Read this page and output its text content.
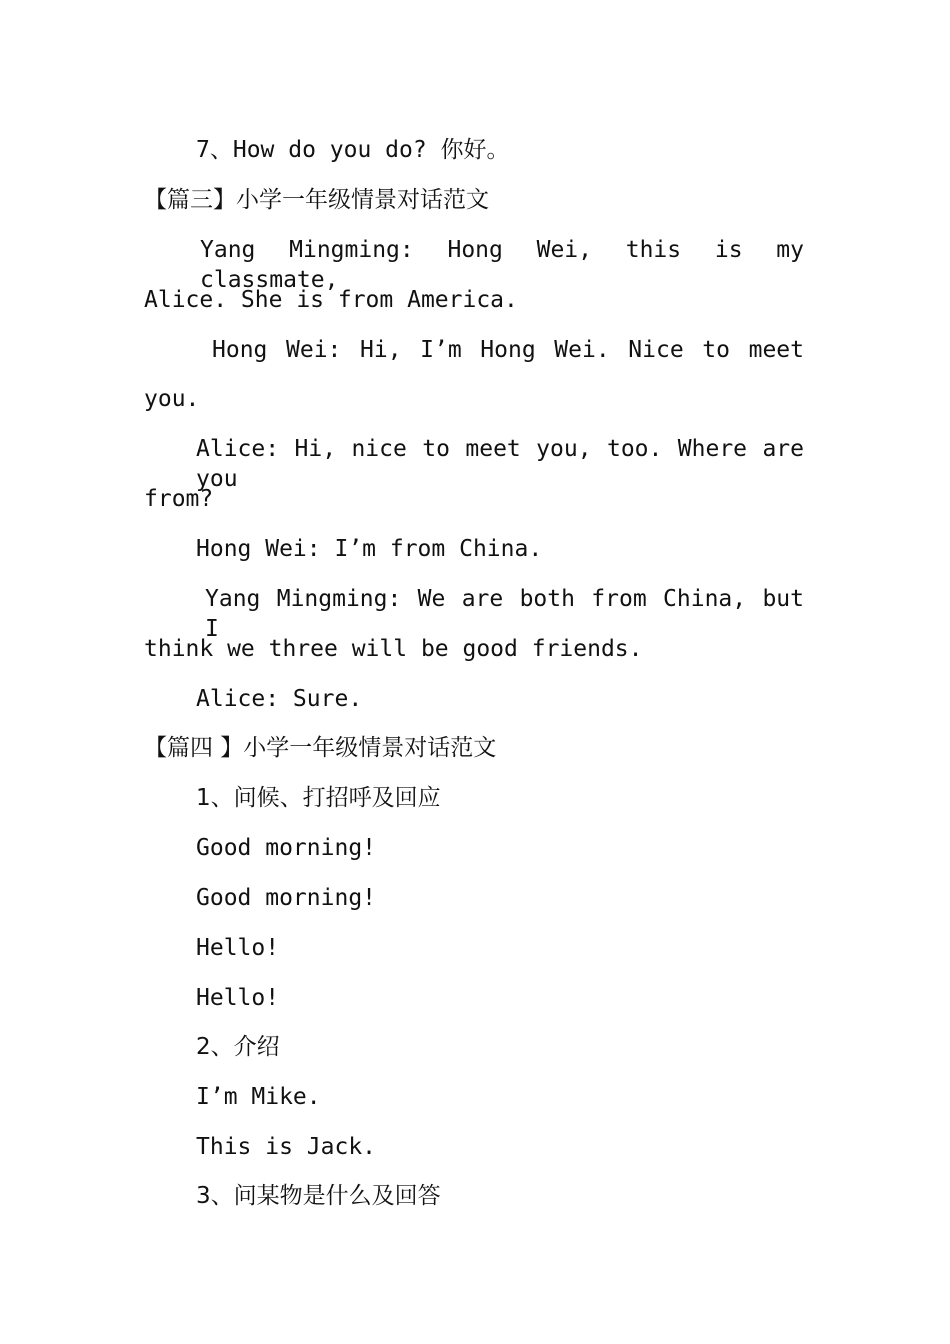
7、How do you do? 你好。
【篇三】小学一年级情景对话范文
Yang Mingming: Hong Wei, this is my classmate,
Alice. She is from America.
Hong Wei: Hi, I’m Hong Wei. Nice to meet
you.
Alice: Hi, nice to meet you, too. Where are you
from?
Hong Wei: I’m from China.
Yang Mingming: We are both from China, but I
think we three will be good friends.
Alice: Sure.
【篇四 】小学一年级情景对话范文
1、问候、打招呼及回应
Good morning!
Good morning!
Hello!
Hello!
2、介绍
I’m Mike.
This is Jack.
3、问某物是什么及回答
